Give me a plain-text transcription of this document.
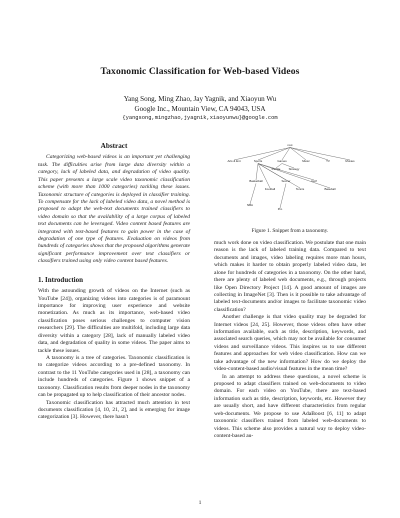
Taxonomic Classification for Web-based Videos
Yang Song, Ming Zhao, Jay Yagnik, and Xiaoyun Wu
Google Inc., Mountain View, CA 94043, USA
{yangsong,mingzhao,jyagnik,xiaoyunwu}@google.com
Abstract

Categorizing web-based videos is an important yet challenging task. The difficulties arise from large data diversity within a category, lack of labeled data, and degradation of video quality. This paper presents a large scale video taxonomic classification scheme (with more than 1000 categories) tackling these issues. Taxonomic structure of categories is deployed in classifier training. To compensate for the lack of labeled video data, a novel method is proposed to adapt the web-text documents trained classifiers to video domain so that the availability of a large corpus of labeled text documents can be leveraged. Video content based features are integrated with text-based features to gain power in the case of degradation of one type of features. Evaluation on videos from hundreds of categories shows that the proposed algorithms generate significant performance improvement over text classifiers or classifiers trained using only video content based features.

1. Introduction

With the astounding growth of videos on the Internet (such as YouTube [24]), organizing videos into categories is of paramount importance for improving user experience and website monetization. As much as its importance, web-based video classification poses serious challenges to computer vision researchers [29]. The difficulties are multifold, including large data diversity within a category [28], lack of manually labeled video data, and degradation of quality in some videos. The paper aims to tackle these issues.

A taxonomy is a tree of categories. Taxonomic classification is to categorize videos according to a pre-defined taxonomy. In contrast to the 11 YouTube categories used in [28], a taxonomy can include hundreds of categories. Figure 1 shows snippet of a taxonomy. Classification results from deeper nodes in the taxonomy can be propagated up to help classification of their ancestor nodes.

Taxonomic classification has attracted much attention in text documents classification [4, 10, 21, 2], and is emerging for image categorization [3]. However, there hasn't

root
Arts & Ent	Sports	Games	Music	TV	Movies
Basketball
Football
Soccer
Tennis
Golf
Baseball
NBA
Pro
Puzzle	Strategy
Figure 1. Snippet from a taxonomy.

much work done on video classification. We postulate that one main reason is the lack of labeled training data. Compared to text documents and images, video labeling requires more man hours, which makes it harder to obtain properly labeled video data, let alone for hundreds of categories in a taxonomy. On the other hand, there are plenty of labeled web documents, e.g., through projects like Open Directory Project [14]. A good amount of images are collecting in ImageNet [3]. Then is it possible to take advantage of labeled text-documents and/or images to facilitate taxonomic video classification?

Another challenge is that video quality may be degraded for Internet videos [24, 25]. However, those videos often have other information available, such as title, description, keywords, and associated search queries, which may not be available for consumer videos and surveillance videos. This inspires us to use different features and approaches for web video classification. How can we take advantage of the new information? How do we deploy the video-content-based audio/visual features in the mean time?

In an attempt to address these questions, a novel scheme is proposed to adapt classifiers trained on web-documents to video domain. For each video on YouTube, there are text-based information such as title, description, keywords, etc. However they are usually short, and have different characteristics from regular web-documents. We propose to use AdaBoost [6, 11] to adapt taxonomic classifiers trained from labeled web-documents to videos. This scheme also provides a natural way to deploy video-content-based au-

1
